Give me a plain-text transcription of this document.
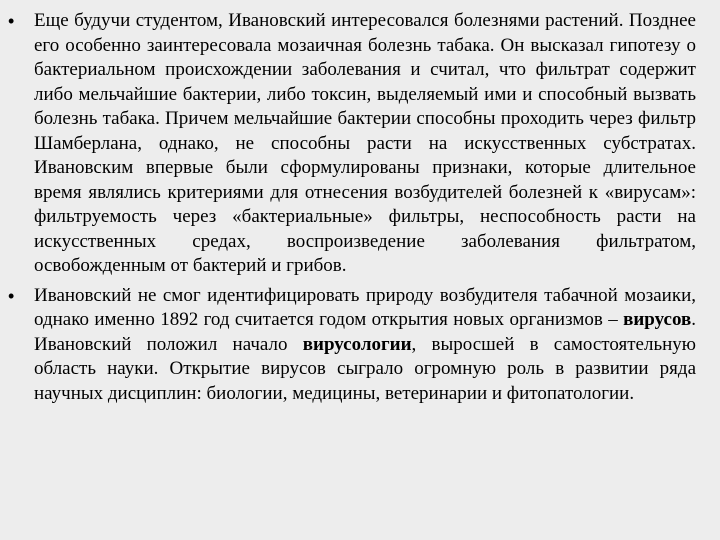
• Еще будучи студентом, Ивановский интересовался болезнями растений. Позднее его особенно заинтересовала мозаичная болезнь табака. Он высказал гипотезу о бактериальном происхождении заболевания и считал, что фильтрат содержит либо мельчайшие бактерии, либо токсин, выделяемый ими и способный вызвать болезнь табака. Причем мельчайшие бактерии способны проходить через фильтр Шамберлана, однако, не способны расти на искусственных субстратах. Ивановским впервые были сформулированы признаки, которые длительное время являлись критериями для отнесения возбудителей болезней к «вирусам»: фильтруемость через «бактериальные» фильтры, неспособность расти на искусственных средах, воспроизведение заболевания фильтратом, освобожденным от бактерий и грибов.
• Ивановский не смог идентифицировать природу возбудителя табачной мозаики, однако именно 1892 год считается годом открытия новых организмов – вирусов. Ивановский положил начало вирусологии, выросшей в самостоятельную область науки. Открытие вирусов сыграло огромную роль в развитии ряда научных дисциплин: биологии, медицины, ветеринарии и фитопатологии.
